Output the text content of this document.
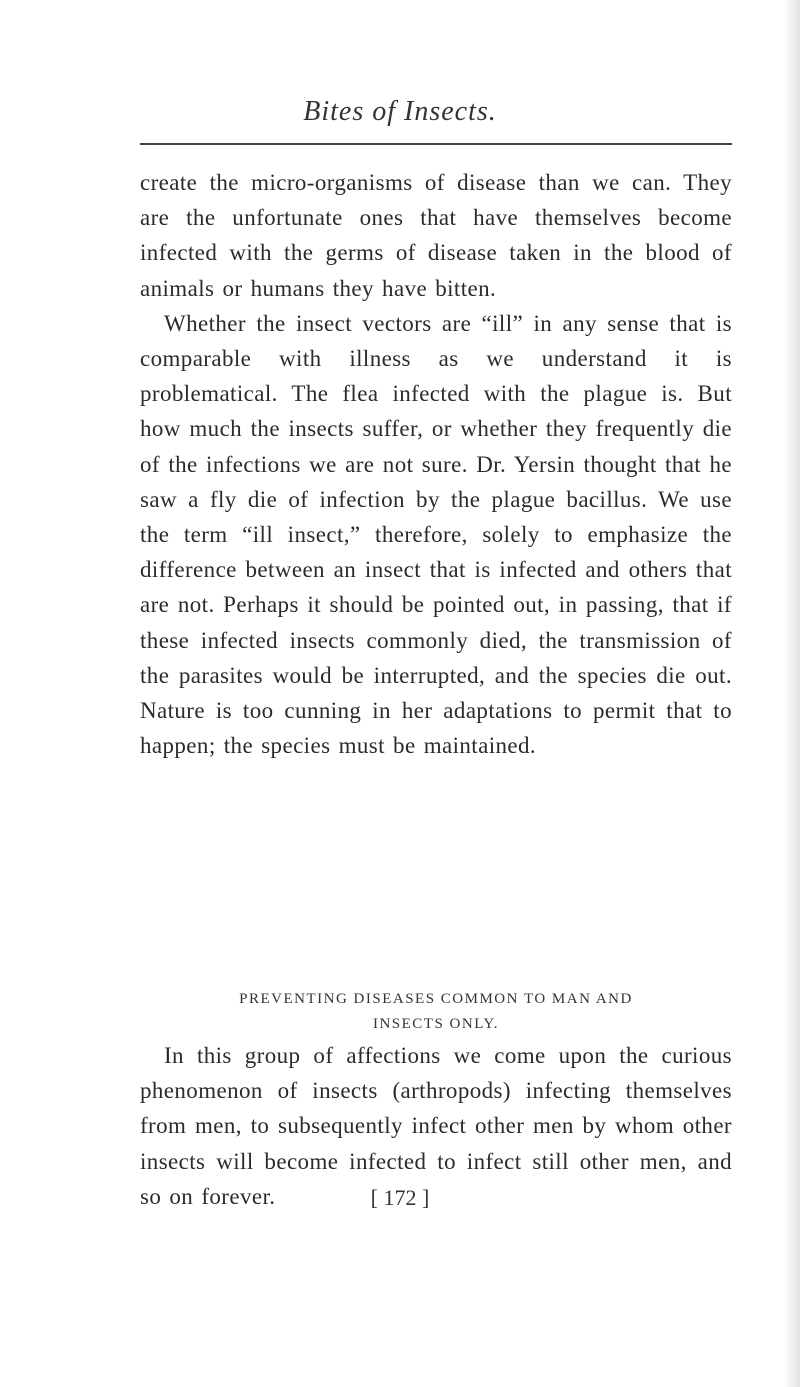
Bites of Insects.

create the micro-organisms of disease than we can. They are the unfortunate ones that have themselves become infected with the germs of disease taken in the blood of animals or humans they have bitten.

Whether the insect vectors are “ill” in any sense that is comparable with illness as we understand it is problematical. The flea infected with the plague is. But how much the insects suffer, or whether they frequently die of the infections we are not sure. Dr. Yersin thought that he saw a fly die of infection by the plague bacillus. We use the term “ill insect,” therefore, solely to emphasize the difference between an insect that is infected and others that are not. Perhaps it should be pointed out, in passing, that if these infected insects commonly died, the transmission of the parasites would be interrupted, and the species die out. Nature is too cunning in her adaptations to permit that to happen; the species must be maintained.

PREVENTING DISEASES COMMON TO MAN AND
INSECTS ONLY.

In this group of affections we come upon the curious phenomenon of insects (arthropods) infecting themselves from men, to subsequently infect other men by whom other insects will become infected to infect still other men, and so on forever.	[ 172 ]
